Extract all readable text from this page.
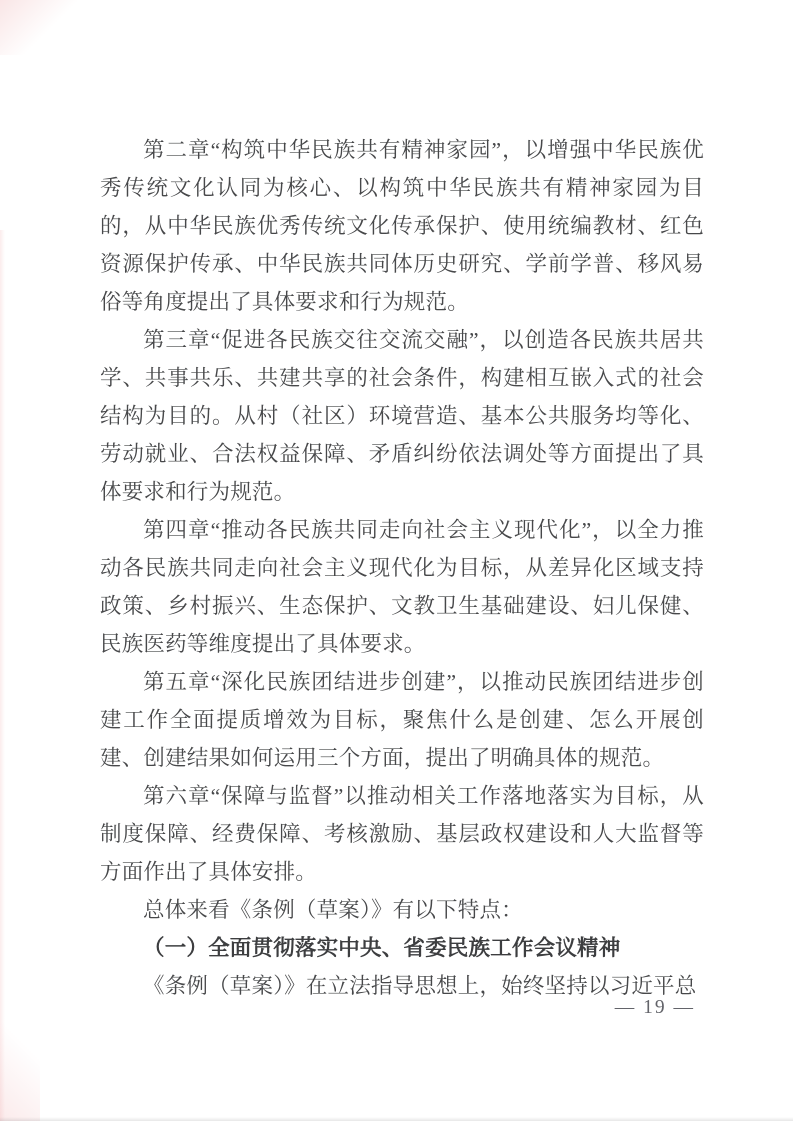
第二章“构筑中华民族共有精神家园”，以增强中华民族优秀传统文化认同为核心、以构筑中华民族共有精神家园为目的，从中华民族优秀传统文化传承保护、使用统编教材、红色资源保护传承、中华民族共同体历史研究、学前学普、移风易俗等角度提出了具体要求和行为规范。

第三章“促进各民族交往交流交融”，以创造各民族共居共学、共事共乐、共建共享的社会条件，构建相互嵌入式的社会结构为目的。从村（社区）环境营造、基本公共服务均等化、劳动就业、合法权益保障、矛盾纠纷依法调处等方面提出了具体要求和行为规范。

第四章“推动各民族共同走向社会主义现代化”，以全力推动各民族共同走向社会主义现代化为目标，从差异化区域支持政策、乡村振兴、生态保护、文教卫生基础建设、妇儿保健、民族医药等维度提出了具体要求。

第五章“深化民族团结进步创建”，以推动民族团结进步创建工作全面提质增效为目标，聚焦什么是创建、怎么开展创建、创建结果如何运用三个方面，提出了明确具体的规范。

第六章“保障与监督”以推动相关工作落地落实为目标，从制度保障、经费保障、考核激励、基层政权建设和人大监督等方面作出了具体安排。

总体来看《条例（草案）》有以下特点：

（一）全面贯彻落实中央、省委民族工作会议精神

《条例（草案）》在立法指导思想上，始终坚持以习近平总

— 19 —
